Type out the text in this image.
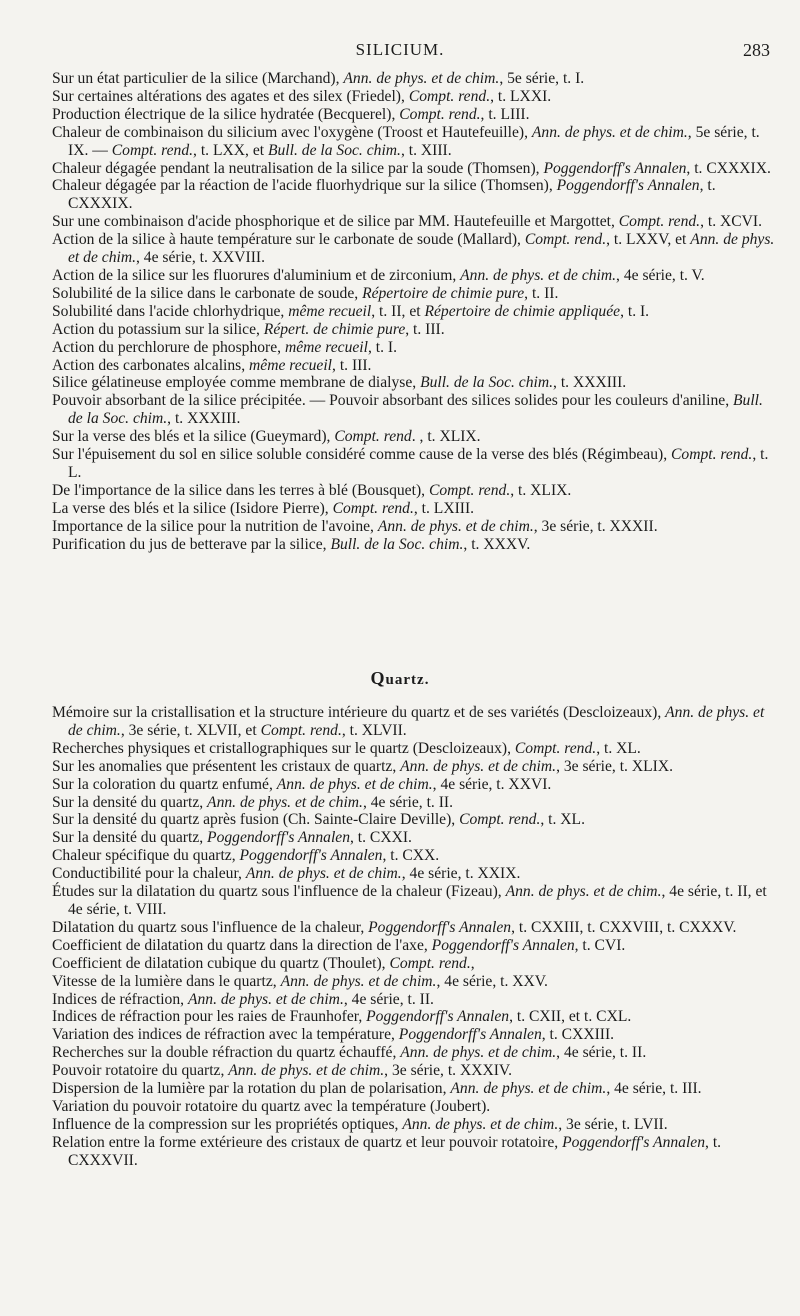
SILICIUM.	283

Sur un état particulier de la silice (Marchand), Ann. de phys. et de chim., 5e série, t. I.

Sur certaines altérations des agates et des silex (Friedel), Compt. rend., t. LXXI.

Production électrique de la silice hydratée (Becquerel), Compt. rend., t. LIII.

Chaleur de combinaison du silicium avec l'oxygène (Troost et Hautefeuille), Ann. de phys. et de chim., 5e série, t. IX. — Compt. rend., t. LXX, et Bull. de la Soc. chim., t. XIII.

Chaleur dégagée pendant la neutralisation de la silice par la soude (Thomsen), Poggendorff's Annalen, t. CXXXIX.

Chaleur dégagée par la réaction de l'acide fluorhydrique sur la silice (Thomsen), Poggendorff's Annalen, t. CXXXIX.

Sur une combinaison d'acide phosphorique et de silice par MM. Hautefeuille et Margottet, Compt. rend., t. XCVI.

Action de la silice à haute température sur le carbonate de soude (Mallard), Compt. rend., t. LXXV, et Ann. de phys. et de chim., 4e série, t. XXVIII.

Action de la silice sur les fluorures d'aluminium et de zirconium, Ann. de phys. et de chim., 4e série, t. V.

Solubilité de la silice dans le carbonate de soude, Répertoire de chimie pure, t. II.

Solubilité dans l'acide chlorhydrique, même recueil, t. II, et Répertoire de chimie appliquée, t. I.

Action du potassium sur la silice, Répert. de chimie pure, t. III.

Action du perchlorure de phosphore, même recueil, t. I.

Action des carbonates alcalins, même recueil, t. III.

Silice gélatineuse employée comme membrane de dialyse, Bull. de la Soc. chim., t. XXXIII.

Pouvoir absorbant de la silice précipitée. — Pouvoir absorbant des silices solides pour les couleurs d'aniline, Bull. de la Soc. chim., t. XXXIII.

Sur la verse des blés et la silice (Gueymard), Compt. rend. , t. XLIX.

Sur l'épuisement du sol en silice soluble considéré comme cause de la verse des blés (Régimbeau), Compt. rend., t. L.

De l'importance de la silice dans les terres à blé (Bousquet), Compt. rend., t. XLIX.

La verse des blés et la silice (Isidore Pierre), Compt. rend., t. LXIII.

Importance de la silice pour la nutrition de l'avoine, Ann. de phys. et de chim., 3e série, t. XXXII.

Purification du jus de betterave par la silice, Bull. de la Soc. chim., t. XXXV.

Quartz.

Mémoire sur la cristallisation et la structure intérieure du quartz et de ses variétés (Descloizeaux), Ann. de phys. et de chim., 3e série, t. XLVII, et Compt. rend., t. XLVII.

Recherches physiques et cristallographiques sur le quartz (Descloizeaux), Compt. rend., t. XL.

Sur les anomalies que présentent les cristaux de quartz, Ann. de phys. et de chim., 3e série, t. XLIX.

Sur la coloration du quartz enfumé, Ann. de phys. et de chim., 4e série, t. XXVI.

Sur la densité du quartz, Ann. de phys. et de chim., 4e série, t. II.

Sur la densité du quartz après fusion (Ch. Sainte-Claire Deville), Compt. rend., t. XL.

Sur la densité du quartz, Poggendorff's Annalen, t. CXXI.

Chaleur spécifique du quartz, Poggendorff's Annalen, t. CXX.

Conductibilité pour la chaleur, Ann. de phys. et de chim., 4e série, t. XXIX.

Études sur la dilatation du quartz sous l'influence de la chaleur (Fizeau), Ann. de phys. et de chim., 4e série, t. II, et 4e série, t. VIII.

Dilatation du quartz sous l'influence de la chaleur, Poggendorff's Annalen, t. CXXIII, t. CXXVIII, t. CXXXV.

Coefficient de dilatation du quartz dans la direction de l'axe, Poggendorff's Annalen, t. CVI.

Coefficient de dilatation cubique du quartz (Thoulet), Compt. rend.,

Vitesse de la lumière dans le quartz, Ann. de phys. et de chim., 4e série, t. XXV.

Indices de réfraction, Ann. de phys. et de chim., 4e série, t. II.

Indices de réfraction pour les raies de Fraunhofer, Poggendorff's Annalen, t. CXII, et t. CXL.

Variation des indices de réfraction avec la température, Poggendorff's Annalen, t. CXXIII.

Recherches sur la double réfraction du quartz échauffé, Ann. de phys. et de chim., 4e série, t. II.

Pouvoir rotatoire du quartz, Ann. de phys. et de chim., 3e série, t. XXXIV.

Dispersion de la lumière par la rotation du plan de polarisation, Ann. de phys. et de chim., 4e série, t. III.

Variation du pouvoir rotatoire du quartz avec la température (Joubert).

Influence de la compression sur les propriétés optiques, Ann. de phys. et de chim., 3e série, t. LVII.

Relation entre la forme extérieure des cristaux de quartz et leur pouvoir rotatoire, Poggendorff's Annalen, t. CXXXVII.
